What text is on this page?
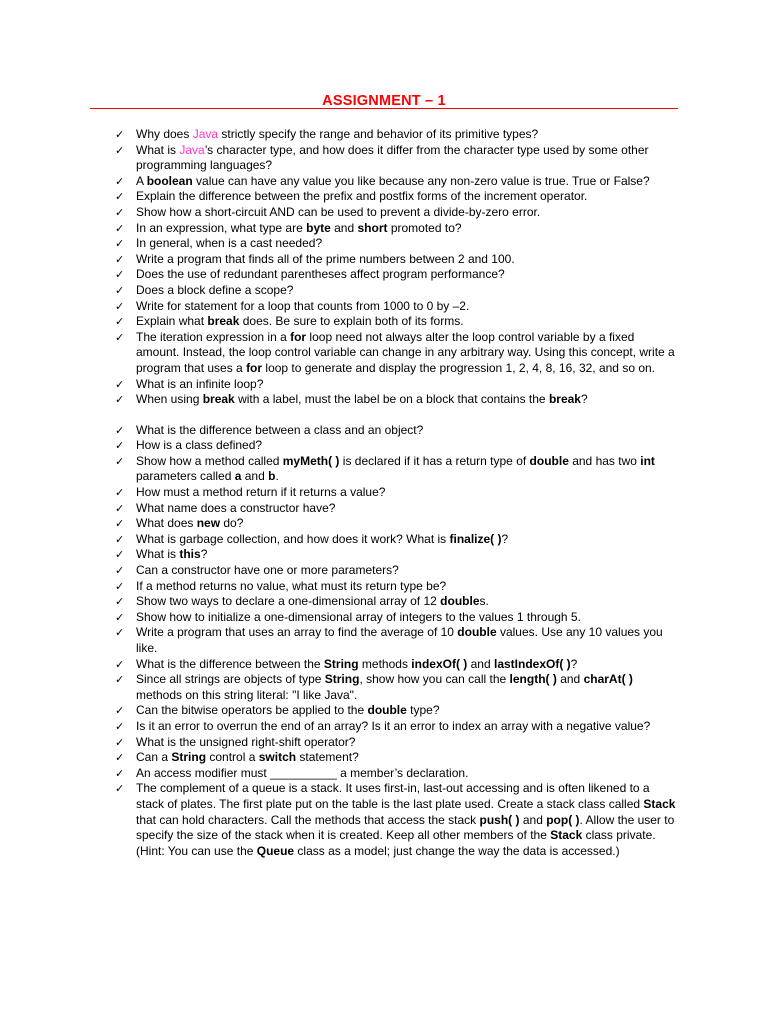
ASSIGNMENT – 1
✓ Why does Java strictly specify the range and behavior of its primitive types?
✓ What is Java’s character type, and how does it differ from the character type used by some other programming languages?
✓ A boolean value can have any value you like because any non-zero value is true. True or False?
✓ Explain the difference between the prefix and postfix forms of the increment operator.
✓ Show how a short-circuit AND can be used to prevent a divide-by-zero error.
✓ In an expression, what type are byte and short promoted to?
✓ In general, when is a cast needed?
✓ Write a program that finds all of the prime numbers between 2 and 100.
✓ Does the use of redundant parentheses affect program performance?
✓ Does a block define a scope?
✓ Write for statement for a loop that counts from 1000 to 0 by –2.
✓ Explain what break does. Be sure to explain both of its forms.
✓ The iteration expression in a for loop need not always alter the loop control variable by a fixed amount. Instead, the loop control variable can change in any arbitrary way. Using this concept, write a program that uses a for loop to generate and display the progression 1, 2, 4, 8, 16, 32, and so on.
✓ What is an infinite loop?
✓ When using break with a label, must the label be on a block that contains the break?
✓ What is the difference between a class and an object?
✓ How is a class defined?
✓ Show how a method called myMeth( ) is declared if it has a return type of double and has two int parameters called a and b.
✓ How must a method return if it returns a value?
✓ What name does a constructor have?
✓ What does new do?
✓ What is garbage collection, and how does it work? What is finalize( )?
✓ What is this?
✓ Can a constructor have one or more parameters?
✓ If a method returns no value, what must its return type be?
✓ Show two ways to declare a one-dimensional array of 12 doubles.
✓ Show how to initialize a one-dimensional array of integers to the values 1 through 5.
✓ Write a program that uses an array to find the average of 10 double values. Use any 10 values you like.
✓ What is the difference between the String methods indexOf( ) and lastIndexOf( )?
✓ Since all strings are objects of type String, show how you can call the length( ) and charAt( ) methods on this string literal: "I like Java".
✓ Can the bitwise operators be applied to the double type?
✓ Is it an error to overrun the end of an array? Is it an error to index an array with a negative value?
✓ What is the unsigned right-shift operator?
✓ Can a String control a switch statement?
✓ An access modifier must __________ a member’s declaration.
✓ The complement of a queue is a stack. It uses first-in, last-out accessing and is often likened to a stack of plates. The first plate put on the table is the last plate used. Create a stack class called Stack that can hold characters. Call the methods that access the stack push( ) and pop( ). Allow the user to specify the size of the stack when it is created. Keep all other members of the Stack class private. (Hint: You can use the Queue class as a model; just change the way the data is accessed.)
